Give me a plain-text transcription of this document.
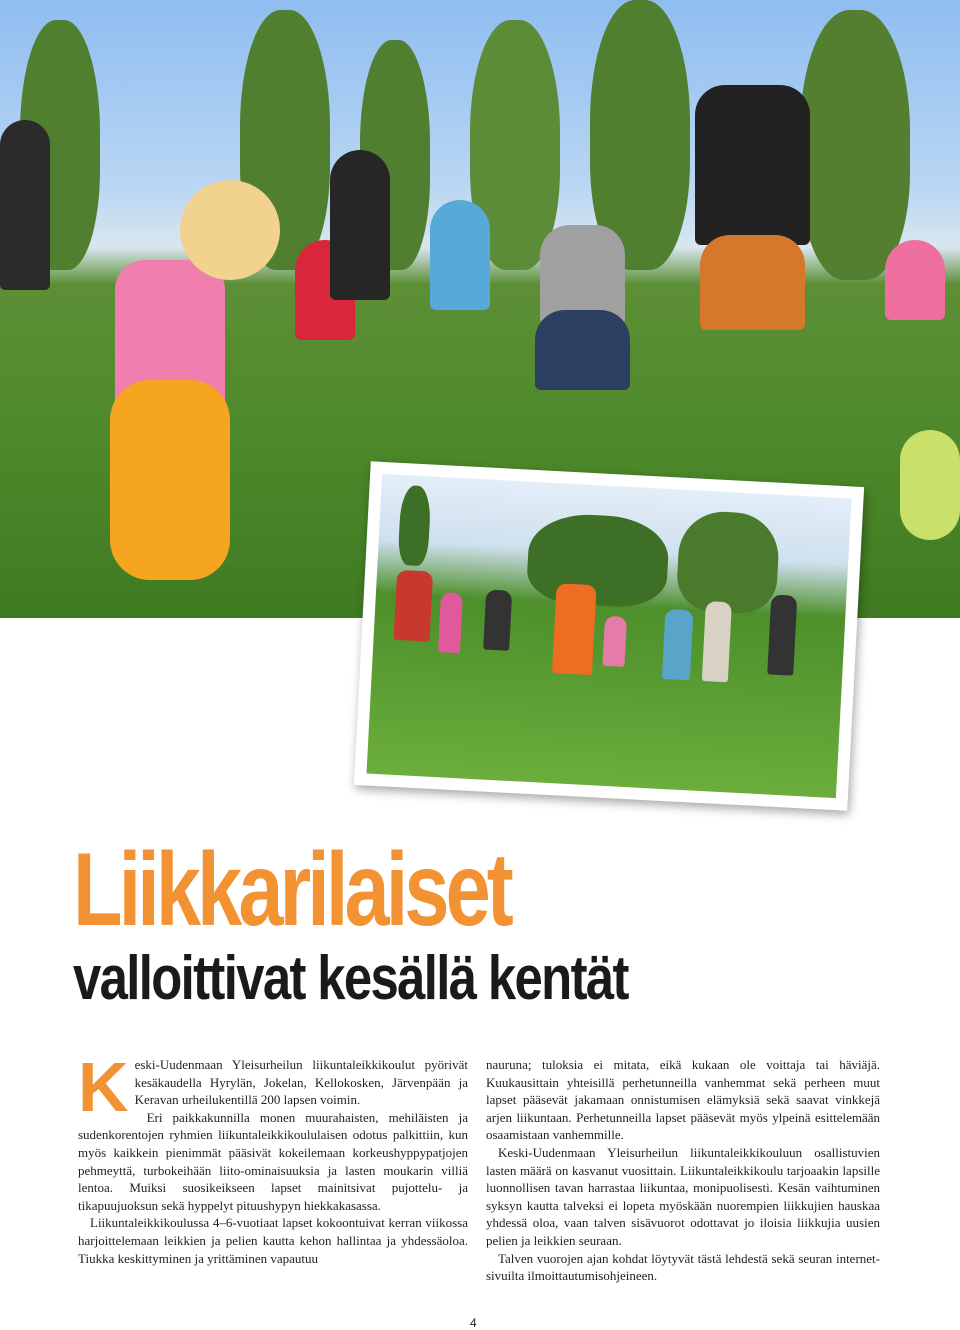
Liikkarilaiset
valloittivat kesällä kentät

Keski-Uudenmaan Yleisurheilun liikuntaleikkikoulut pyörivät kesäkaudella Hyrylän, Jokelan, Kellokosken, Järvenpään ja Keravan urheilukentillä 200 lapsen voimin.

Eri paikkakunnilla monen muurahaisten, mehiläisten ja sudenkorentojen ryhmien liikuntaleikkikoululaisen odotus palkittiin, kun myös kaikkein pienimmät pääsivät kokeilemaan korkeushyppypatjojen pehmeyttä, turbokeihään liito-ominaisuuksia ja lasten moukarin villiä lentoa. Muiksi suosikeikseen lapset mainitsivat pujottelu- ja tikapuujuoksun sekä hyppelyt pituushypyn hiekkakasassa.

Liikuntaleikkikoulussa 4–6-vuotiaat lapset kokoontuivat kerran viikossa harjoittelemaan leikkien ja pelien kautta kehon hallintaa ja yhdessäoloa. Tiukka keskittyminen ja yrittäminen vapautuu

nauruna; tuloksia ei mitata, eikä kukaan ole voittaja tai häviäjä. Kuukausittain yhteisillä perhetunneilla vanhemmat sekä perheen muut lapset pääsevät jakamaan onnistumisen elämyksiä sekä saavat vinkkejä arjen liikuntaan. Perhetunneilla lapset pääsevät myös ylpeinä esittelemään osaamistaan vanhemmille.

Keski-Uudenmaan Yleisurheilun liikuntaleikkikouluun osallistuvien lasten määrä on kasvanut vuosittain. Liikuntaleikkikoulu tarjoaakin lapsille luonnollisen tavan harrastaa liikuntaa, monipuolisesti. Kesän vaihtuminen syksyn kautta talveksi ei lopeta myöskään nuorempien liikkujien hauskaa yhdessä oloa, vaan talven sisävuorot odottavat jo iloisia liikkujia uusien pelien ja leikkien seuraan.

Talven vuorojen ajan kohdat löytyvät tästä lehdestä sekä seuran internet-sivuilta ilmoittautumisohjeineen.

4
